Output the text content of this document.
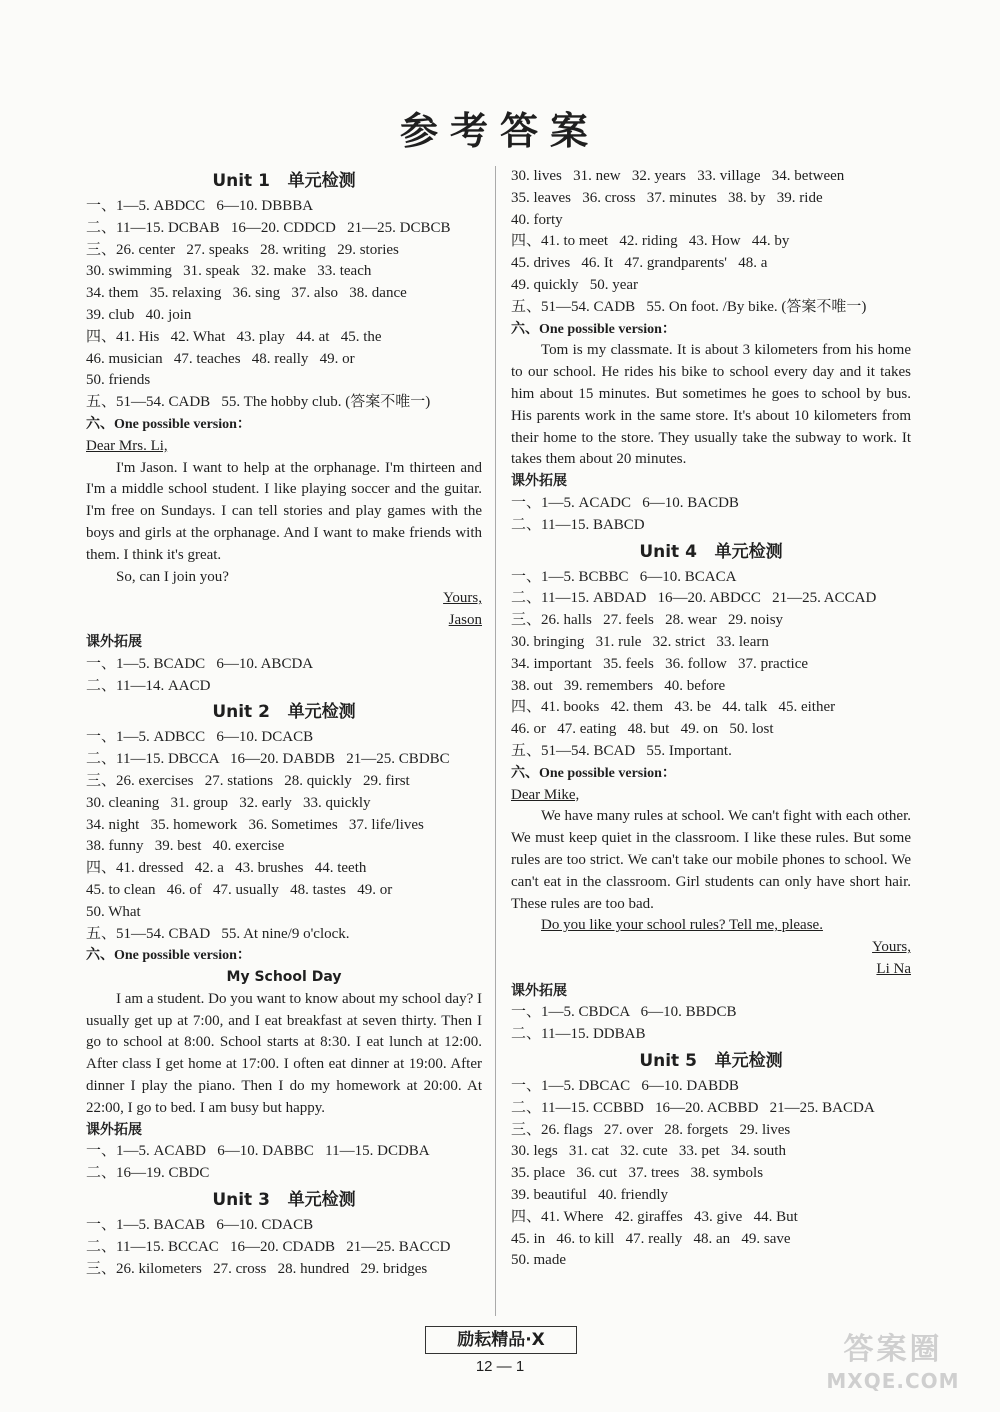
参考答案
Unit 1   单元检测
一、1—5. ABDCC   6—10. DBBBA
二、11—15. DCBAB   16—20. CDDCD   21—25. DCBCB
三、26. center   27. speaks   28. writing   29. stories
30. swimming   31. speak   32. make   33. teach
34. them   35. relaxing   36. sing   37. also   38. dance
39. club   40. join
四、41. His   42. What   43. play   44. at   45. the
46. musician   47. teaches   48. really   49. or
50. friends
五、51—54. CADB   55. The hobby club. (答案不唯一)
六、One possible version：
Dear Mrs. Li,
I'm Jason. I want to help at the orphanage. I'm thirteen and I'm a middle school student. I like playing soccer and the guitar. I'm free on Sundays. I can tell stories and play games with the boys and girls at the orphanage. And I want to make friends with them. I think it's great.
So, can I join you?
Yours,
Jason
课外拓展
一、1—5. BCADC   6—10. ABCDA
二、11—14. AACD
Unit 2   单元检测
一、1—5. ADBCC   6—10. DCACB
二、11—15. DBCCA   16—20. DABDB   21—25. CBDBC
三、26. exercises   27. stations   28. quickly   29. first
30. cleaning   31. group   32. early   33. quickly
34. night   35. homework   36. Sometimes   37. life/lives
38. funny   39. best   40. exercise
四、41. dressed   42. a   43. brushes   44. teeth
45. to clean   46. of   47. usually   48. tastes   49. or
50. What
五、51—54. CBAD   55. At nine/9 o'clock.
六、One possible version：
My School Day
I am a student. Do you want to know about my school day? I usually get up at 7:00, and I eat breakfast at seven thirty. Then I go to school at 8:00. School starts at 8:30. I eat lunch at 12:00. After class I get home at 17:00. I often eat dinner at 19:00. After dinner I play the piano. Then I do my homework at 20:00. At 22:00, I go to bed. I am busy but happy.
课外拓展
一、1—5. ACABD   6—10. DABBC   11—15. DCDBA
二、16—19. CBDC
Unit 3   单元检测
一、1—5. BACAB   6—10. CDACB
二、11—15. BCCAC   16—20. CDADB   21—25. BACCD
三、26. kilometers   27. cross   28. hundred   29. bridges
30. lives   31. new   32. years   33. village   34. between
35. leaves   36. cross   37. minutes   38. by   39. ride
40. forty
四、41. to meet   42. riding   43. How   44. by
45. drives   46. It   47. grandparents'   48. a
49. quickly   50. year
五、51—54. CADB   55. On foot. /By bike. (答案不唯一)
六、One possible version：
Tom is my classmate. It is about 3 kilometers from his home to our school. He rides his bike to school every day and it takes him about 15 minutes. But sometimes he goes to school by bus. His parents work in the same store. It's about 10 kilometers from their home to the store. They usually take the subway to work. It takes them about 20 minutes.
课外拓展
一、1—5. ACADC   6—10. BACDB
二、11—15. BABCD
Unit 4   单元检测
一、1—5. BCBBC   6—10. BCACA
二、11—15. ABDAD   16—20. ABDCC   21—25. ACCAD
三、26. halls   27. feels   28. wear   29. noisy
30. bringing   31. rule   32. strict   33. learn
34. important   35. feels   36. follow   37. practice
38. out   39. remembers   40. before
四、41. books   42. them   43. be   44. talk   45. either
46. or   47. eating   48. but   49. on   50. lost
五、51—54. BCAD   55. Important.
六、One possible version：
Dear Mike,
We have many rules at school. We can't fight with each other. We must keep quiet in the classroom. I like these rules. But some rules are too strict. We can't take our mobile phones to school. We can't eat in the classroom. Girl students can only have short hair. These rules are too bad.
Do you like your school rules? Tell me, please.
Yours,
Li Na
课外拓展
一、1—5. CBDCA   6—10. BBDCB
二、11—15. DDBAB
Unit 5   单元检测
一、1—5. DBCAC   6—10. DABDB
二、11—15. CCBBD   16—20. ACBBD   21—25. BACDA
三、26. flags   27. over   28. forgets   29. lives
30. legs   31. cat   32. cute   33. pet   34. south
35. place   36. cut   37. trees   38. symbols
39. beautiful   40. friendly
四、41. Where   42. giraffes   43. give   44. But
45. in   46. to kill   47. really   48. an   49. save
50. made
励耘精品·X
12 — 1	答案圈
MXQE.COM
